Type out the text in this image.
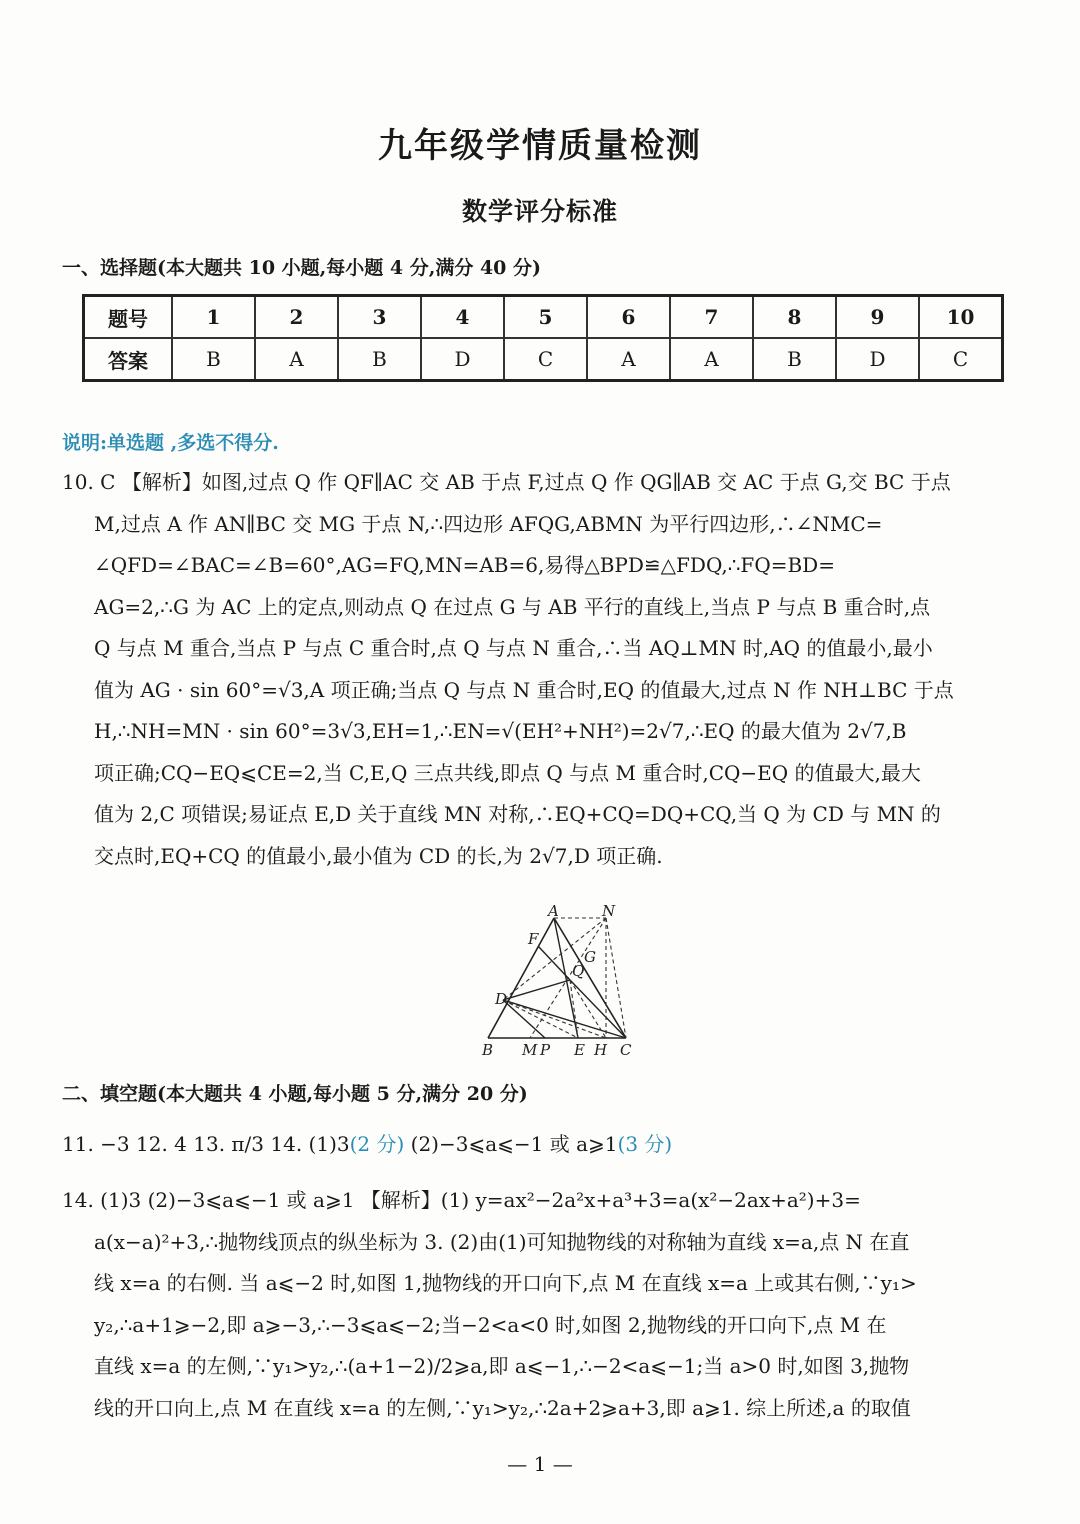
九年级学情质量检测
数学评分标准
一、选择题(本大题共 10 小题,每小题 4 分,满分 40 分)
题号	1	2	3	4	5	6	7	8	9	10
答案	B	A	B	D	C	A	A	B	D	C
说明:单选题 ,多选不得分.
10. C 【解析】如图,过点 Q 作 QF∥AC 交 AB 于点 F,过点 Q 作 QG∥AB 交 AC 于点 G,交 BC 于点
M,过点 A 作 AN∥BC 交 MG 于点 N,∴四边形 AFQG,ABMN 为平行四边形,∴∠NMC=
∠QFD=∠BAC=∠B=60°,AG=FQ,MN=AB=6,易得△BPD≌△FDQ,∴FQ=BD=
AG=2,∴G 为 AC 上的定点,则动点 Q 在过点 G 与 AB 平行的直线上,当点 P 与点 B 重合时,点
Q 与点 M 重合,当点 P 与点 C 重合时,点 Q 与点 N 重合,∴当 AQ⊥MN 时,AQ 的值最小,最小
值为 AG · sin 60°=√3,A 项正确;当点 Q 与点 N 重合时,EQ 的值最大,过点 N 作 NH⊥BC 于点
H,∴NH=MN · sin 60°=3√3,EH=1,∴EN=√(EH²+NH²)=2√7,∴EQ 的最大值为 2√7,B
项正确;CQ−EQ⩽CE=2,当 C,E,Q 三点共线,即点 Q 与点 M 重合时,CQ−EQ 的值最大,最大
值为 2,C 项错误;易证点 E,D 关于直线 MN 对称,∴EQ+CQ=DQ+CQ,当 Q 为 CD 与 MN 的
交点时,EQ+CQ 的值最小,最小值为 CD 的长,为 2√7,D 项正确.
A	N
F
G
Q
D
B M P E H C
二、填空题(本大题共 4 小题,每小题 5 分,满分 20 分)
11. −3 12. 4 13. π/3 14. (1)3(2 分) (2)−3⩽a⩽−1 或 a⩾1(3 分)
14. (1)3 (2)−3⩽a⩽−1 或 a⩾1 【解析】(1) y=ax²−2a²x+a³+3=a(x²−2ax+a²)+3=
a(x−a)²+3,∴抛物线顶点的纵坐标为 3. (2)由(1)可知抛物线的对称轴为直线 x=a,点 N 在直
线 x=a 的右侧. 当 a⩽−2 时,如图 1,抛物线的开口向下,点 M 在直线 x=a 上或其右侧,∵y₁>
y₂,∴a+1⩾−2,即 a⩾−3,∴−3⩽a⩽−2;当−2<a<0 时,如图 2,抛物线的开口向下,点 M 在
直线 x=a 的左侧,∵y₁>y₂,∴(a+1−2)/2⩾a,即 a⩽−1,∴−2<a⩽−1;当 a>0 时,如图 3,抛物
线的开口向上,点 M 在直线 x=a 的左侧,∵y₁>y₂,∴2a+2⩾a+3,即 a⩾1. 综上所述,a 的取值
— 1 —
